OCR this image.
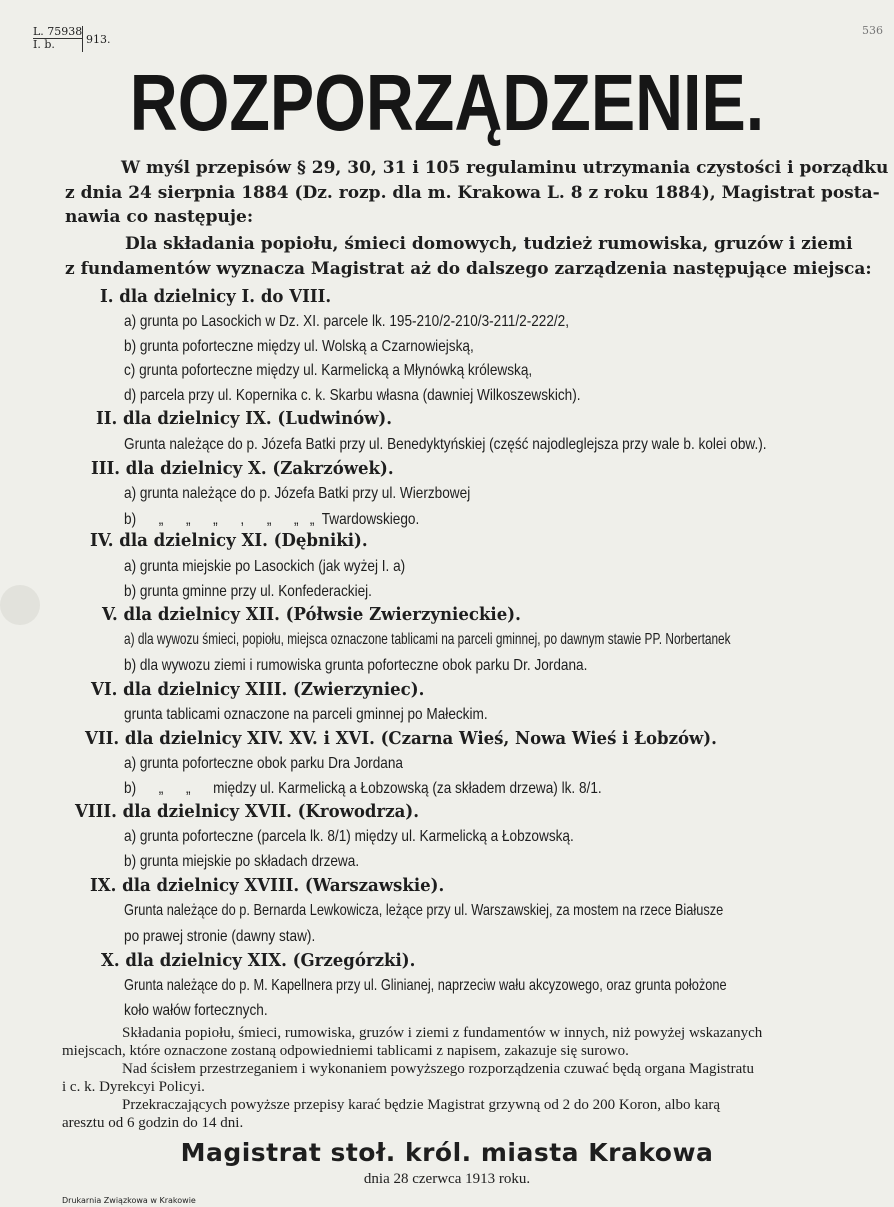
L. 75938
I. b.	913.
536
ROZPORZĄDZENIE.
W myśl przepisów § 29, 30, 31 i 105 regulaminu utrzymania czystości i porządku
z dnia 24 sierpnia 1884 (Dz. rozp. dla m. Krakowa L. 8 z roku 1884), Magistrat posta-
nawia co następuje:
Dla składania popiołu, śmieci domowych, tudzież rumowiska, gruzów i ziemi
z fundamentów wyznacza Magistrat aż do dalszego zarządzenia następujące miejsca:
I. dla dzielnicy I. do VIII.
a) grunta po Lasockich w Dz. XI. parcele lk. 195-210/2-210/3-211/2-222/2,
b) grunta poforteczne między ul. Wolską a Czarnowiejską,
c) grunta poforteczne między ul. Karmelicką a Młynówką królewską,
d) parcela przy ul. Kopernika c. k. Skarbu własna (dawniej Wilkoszewskich).
II. dla dzielnicy IX. (Ludwinów).
Grunta należące do p. Józefa Batki przy ul. Benedyktyńskiej (część najodleglejsza przy wale b. kolei obw.).
III. dla dzielnicy X. (Zakrzówek).
a) grunta należące do p. Józefa Batki przy ul. Wierzbowej
b)      „      „      „      ,      „      „   „  Twardowskiego.
IV. dla dzielnicy XI. (Dębniki).
a) grunta miejskie po Lasockich (jak wyżej I. a)
b) grunta gminne przy ul. Konfederackiej.
V. dla dzielnicy XII. (Półwsie Zwierzynieckie).
a) dla wywozu śmieci, popiołu, miejsca oznaczone tablicami na parceli gminnej, po dawnym stawie PP. Norbertanek
b) dla wywozu ziemi i rumowiska grunta poforteczne obok parku Dr. Jordana.
VI. dla dzielnicy XIII. (Zwierzyniec).
grunta tablicami oznaczone na parceli gminnej po Małeckim.
VII. dla dzielnicy XIV. XV. i XVI. (Czarna Wieś, Nowa Wieś i Łobzów).
a) grunta poforteczne obok parku Dra Jordana
b)      „      „      między ul. Karmelicką a Łobzowską (za składem drzewa) lk. 8/1.
VIII. dla dzielnicy XVII. (Krowodrza).
a) grunta poforteczne (parcela lk. 8/1) między ul. Karmelicką a Łobzowską.
b) grunta miejskie po składach drzewa.
IX. dla dzielnicy XVIII. (Warszawskie).
Grunta należące do p. Bernarda Lewkowicza, leżące przy ul. Warszawskiej, za mostem na rzece Białusze
po prawej stronie (dawny staw).
X. dla dzielnicy XIX. (Grzegórzki).
Grunta należące do p. M. Kapellnera przy ul. Glinianej, naprzeciw wału akcyzowego, oraz grunta położone
koło wałów fortecznych.
Składania popiołu, śmieci, rumowiska, gruzów i ziemi z fundamentów w innych, niż powyżej wskazanych
miejscach, które oznaczone zostaną odpowiedniemi tablicami z napisem, zakazuje się surowo.
Nad ścisłem przestrzeganiem i wykonaniem powyższego rozporządzenia czuwać będą organa Magistratu
i c. k. Dyrekcyi Policyi.
Przekraczających powyższe przepisy karać będzie Magistrat grzywną od 2 do 200 Koron, albo karą
aresztu od 6 godzin do 14 dni.
Magistrat stoł. król. miasta Krakowa
dnia 28 czerwca 1913 roku.
Drukarnia Związkowa w Krakowie
